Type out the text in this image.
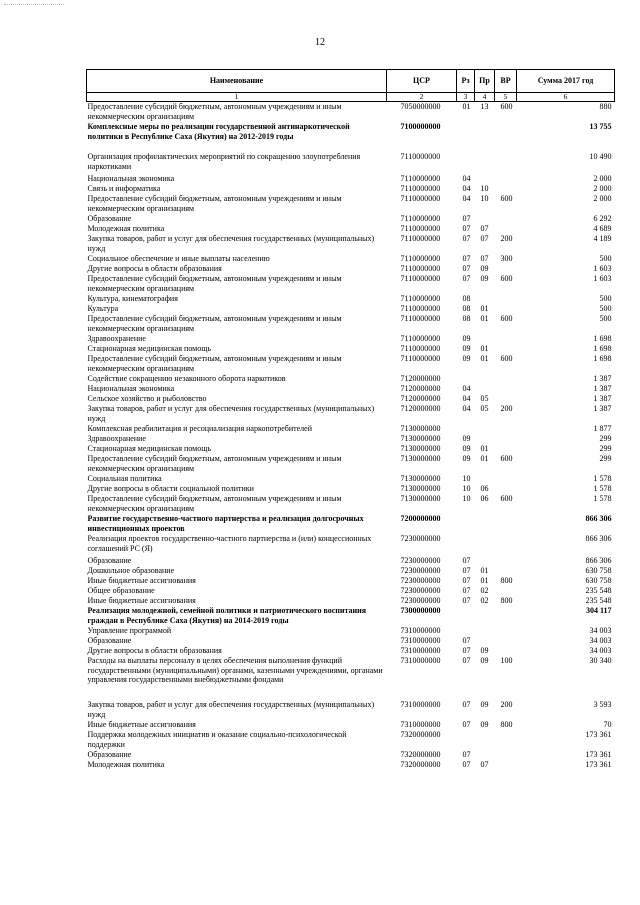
12
Наименование	ЦСР	Рз	Пр	ВР	Сумма 2017 год
1	2	3	4	5	6
Предоставление субсидий бюджетным, автономным учреждениям и иным некоммерческим организациям	7050000000	01	13	600	880
Комплексные меры по реализации государственной антинаркотической политики в Республике Саха (Якутия) на 2012-2019 годы	7100000000				13 755
Организация профилактических мероприятий по сокращению злоупотребления наркотиками	7110000000				10 490
Национальная экономика	7110000000	04			2 000
Связь и информатика	7110000000	04	10		2 000
Предоставление субсидий бюджетным, автономным учреждениям и иным некоммерческим организациям	7110000000	04	10	600	2 000
Образование	7110000000	07			6 292
Молодежная политика	7110000000	07	07		4 689
Закупка товаров, работ и услуг для обеспечения государственных (муниципальных) нужд	7110000000	07	07	200	4 189
Социальное обеспечение и иные выплаты населению	7110000000	07	07	300	500
Другие вопросы в области образования	7110000000	07	09		1 603
Предоставление субсидий бюджетным, автономным учреждениям и иным некоммерческим организациям	7110000000	07	09	600	1 603
Культура, кинематография	7110000000	08			500
Культура	7110000000	08	01		500
Предоставление субсидий бюджетным, автономным учреждениям и иным некоммерческим организациям	7110000000	08	01	600	500
Здравоохранение	7110000000	09			1 698
Стационарная медицинская помощь	7110000000	09	01		1 698
Предоставление субсидий бюджетным, автономным учреждениям и иным некоммерческим организациям	7110000000	09	01	600	1 698
Содействие сокращению незаконного оборота наркотиков	7120000000				1 387
Национальная экономика	7120000000	04			1 387
Сельское хозяйство и рыболовство	7120000000	04	05		1 387
Закупка товаров, работ и услуг для обеспечения государственных (муниципальных) нужд	7120000000	04	05	200	1 387
Комплексная реабилитация и ресоциализация наркопотребителей	7130000000				1 877
Здравоохранение	7130000000	09			299
Стационарная медицинская помощь	7130000000	09	01		299
Предоставление субсидий бюджетным, автономным учреждениям и иным некоммерческим организациям	7130000000	09	01	600	299
Социальная политика	7130000000	10			1 578
Другие вопросы в области социальной политики	7130000000	10	06		1 578
Предоставление субсидий бюджетным, автономным учреждениям и иным некоммерческим организациям	7130000000	10	06	600	1 578
Развитие государственно-частного партнерства и реализация долгосрочных инвестиционных проектов	7200000000				866 306
Реализация проектов государственно-частного партнерства и (или) концессионных соглашений РС (Я)	7230000000				866 306
Образование	7230000000	07			866 306
Дошкольное образование	7230000000	07	01		630 758
Иные бюджетные ассигнования	7230000000	07	01	800	630 758
Общее образование	7230000000	07	02		235 548
Иные бюджетные ассигнования	7230000000	07	02	800	235 548
Реализация молодежной, семейной политики и патриотического воспитания граждан в Республике Саха (Якутия) на 2014-2019 годы	7300000000				304 117
Управление программой	7310000000				34 003
Образование	7310000000	07			34 003
Другие вопросы в области образования	7310000000	07	09		34 003
Расходы на выплаты персоналу в целях обеспечения выполнения функций государственными (муниципальными) органами, казенными учреждениями, органами управления государственными внебюджетными фондами	7310000000	07	09	100	30 340
Закупка товаров, работ и услуг для обеспечения государственных (муниципальных) нужд	7310000000	07	09	200	3 593
Иные бюджетные ассигнования	7310000000	07	09	800	70
Поддержка молодежных инициатив и оказание социально-психологической поддержки	7320000000				173 361
Образование	7320000000	07			173 361
Молодежная политика	7320000000	07	07		173 361
